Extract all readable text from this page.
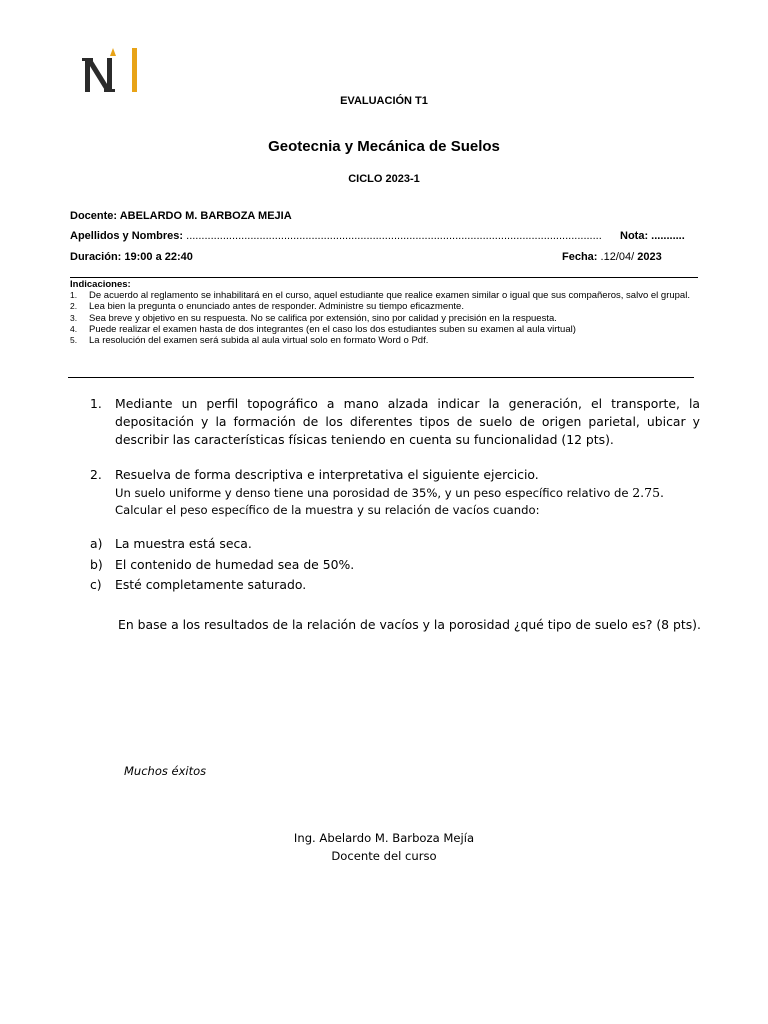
EVALUACIÓN T1
Geotecnia y Mecánica de Suelos
CICLO 2023-1
Docente: ABELARDO M. BARBOZA MEJIA
Apellidos y Nombres: ........................................................................................................................................	Nota: ...........
Duración: 19:00 a 22:40	Fecha: .12/04/ 2023
Indicaciones:
1. De acuerdo al reglamento se inhabilitará en el curso, aquel estudiante que realice examen similar o igual que sus compañeros, salvo el grupal.
2. Lea bien la pregunta o enunciado antes de responder. Administre su tiempo eficazmente.
3. Sea breve y objetivo en su respuesta. No se califica por extensión, sino por calidad y precisión en la respuesta.
4. Puede realizar el examen hasta de dos integrantes (en el caso los dos estudiantes suben su examen al aula virtual)
5. La resolución del examen será subida al aula virtual solo en formato Word o Pdf.
1.	Mediante un perfil topográfico a mano alzada indicar la generación, el transporte, la depositación y la formación de los diferentes tipos de suelo de origen parietal, ubicar y describir las características físicas teniendo en cuenta su funcionalidad (12 pts).
2. Resuelva de forma descriptiva e interpretativa el siguiente ejercicio.
Un suelo uniforme y denso tiene una porosidad de 35%, y un peso específico relativo de 2.75.
Calcular el peso específico de la muestra y su relación de vacíos cuando:
a) La muestra está seca.
b) El contenido de humedad sea de 50%.
c) Esté completamente saturado.
En base a los resultados de la relación de vacíos y la porosidad ¿qué tipo de suelo es? (8 pts).
Muchos éxitos
Ing. Abelardo M. Barboza Mejía
Docente del curso
